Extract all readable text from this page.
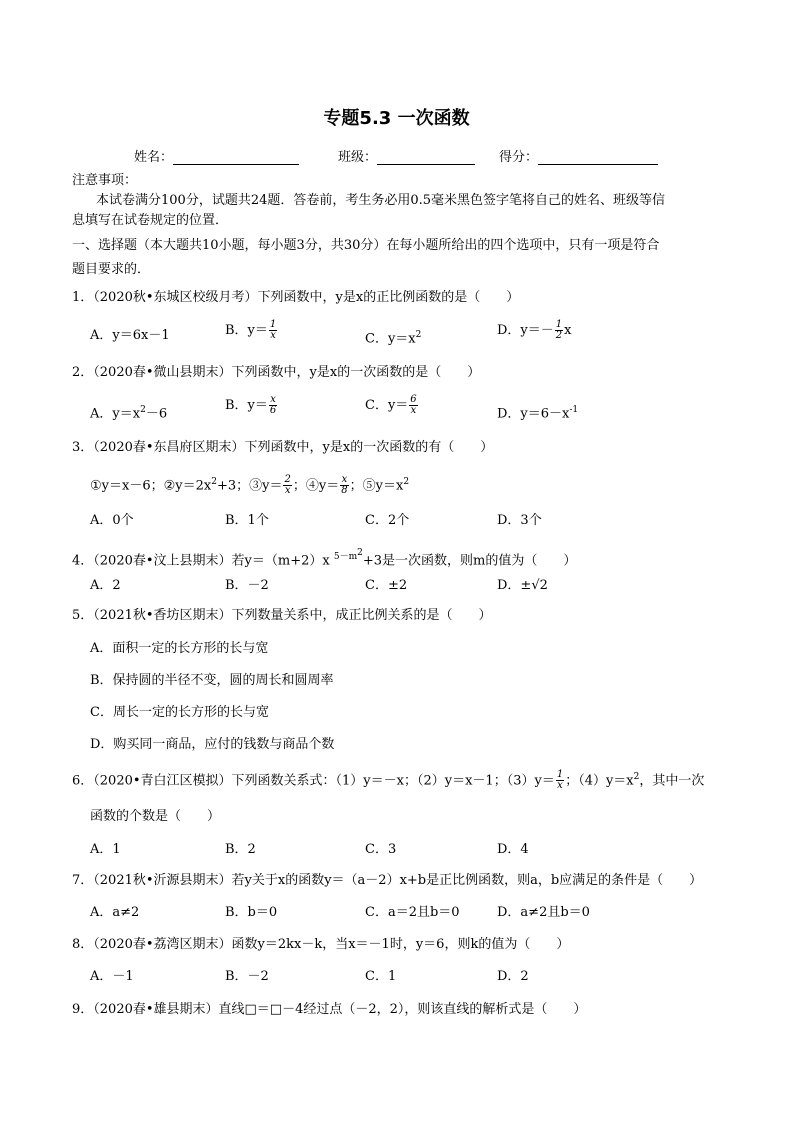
专题5.3 一次函数
姓名：	班级：	得分：
注意事项：
本试卷满分100分，试题共24题．答卷前，考生务必用0.5毫米黑色签字笔将自己的姓名、班级等信
息填写在试卷规定的位置．
一、选择题（本大题共10小题，每小题3分，共30分）在每小题所给出的四个选项中，只有一项是符合
题目要求的．
1．（2020秋•东城区校级月考）下列函数中，y是x的正比例函数的是（　　）
A．y＝6x－1	B．$y= \frac{1}{x}$	C．$y=x^2$	D．$y=- \frac{1}{2}$ x
2．（2020春•微山县期末）下列函数中，y是x的一次函数的是（　　）
A．$y=x^2-6$
B．$y= \frac{x}{6}$	C．$y= \frac{6}{x}$	D．$y=6-x^{-1}$
3．（2020春•东昌府区期末）下列函数中，y是x的一次函数的有（　　）
①y＝x－6；$②y=2x^2+3$；③y＝ $\frac{2}{x}$ ；④y＝ $\frac{x}{8}$ ；$⑤y=x^2$
A．0个	B．1个	C．2个	D．3个
4．（2020春•汶上县期末）若y＝（m+2）x $^{5-m^2}$+3是一次函数，则m的值为（　　）
A．2	B．－2	C．±2	D．±√2
5．（2021秋•香坊区期末）下列数量关系中，成正比例关系的是（　　）
A．面积一定的长方形的长与宽
B．保持圆的半径不变，圆的周长和圆周率
C．周长一定的长方形的长与宽
D．购买同一商品，应付的钱数与商品个数
6．（2020•青白江区模拟）下列函数关系式：（1）y＝－x；（2）y＝x－1；$(3)y= \frac{1}{x}$ ；$(4)y=x^2$，其中一次
函数的个数是（　　）
A．1	B．2	C．3	D．4
7．（2021秋•沂源县期末）若y关于x的函数y＝（a－2）x+b是正比例函数，则a，b应满足的条件是（　　）
A．a≠2	B．b＝0	C．a＝2且b＝0	D．a≠2且b＝0
8．（2020春•荔湾区期末）函数y＝2kx－k，当x＝－1时，y＝6，则k的值为（　　）
A．－1	B．－2	C．1	D．2
9．（2020春•雄县期末）直线□＝□－4经过点（－2，2），则该直线的解析式是（　　）
